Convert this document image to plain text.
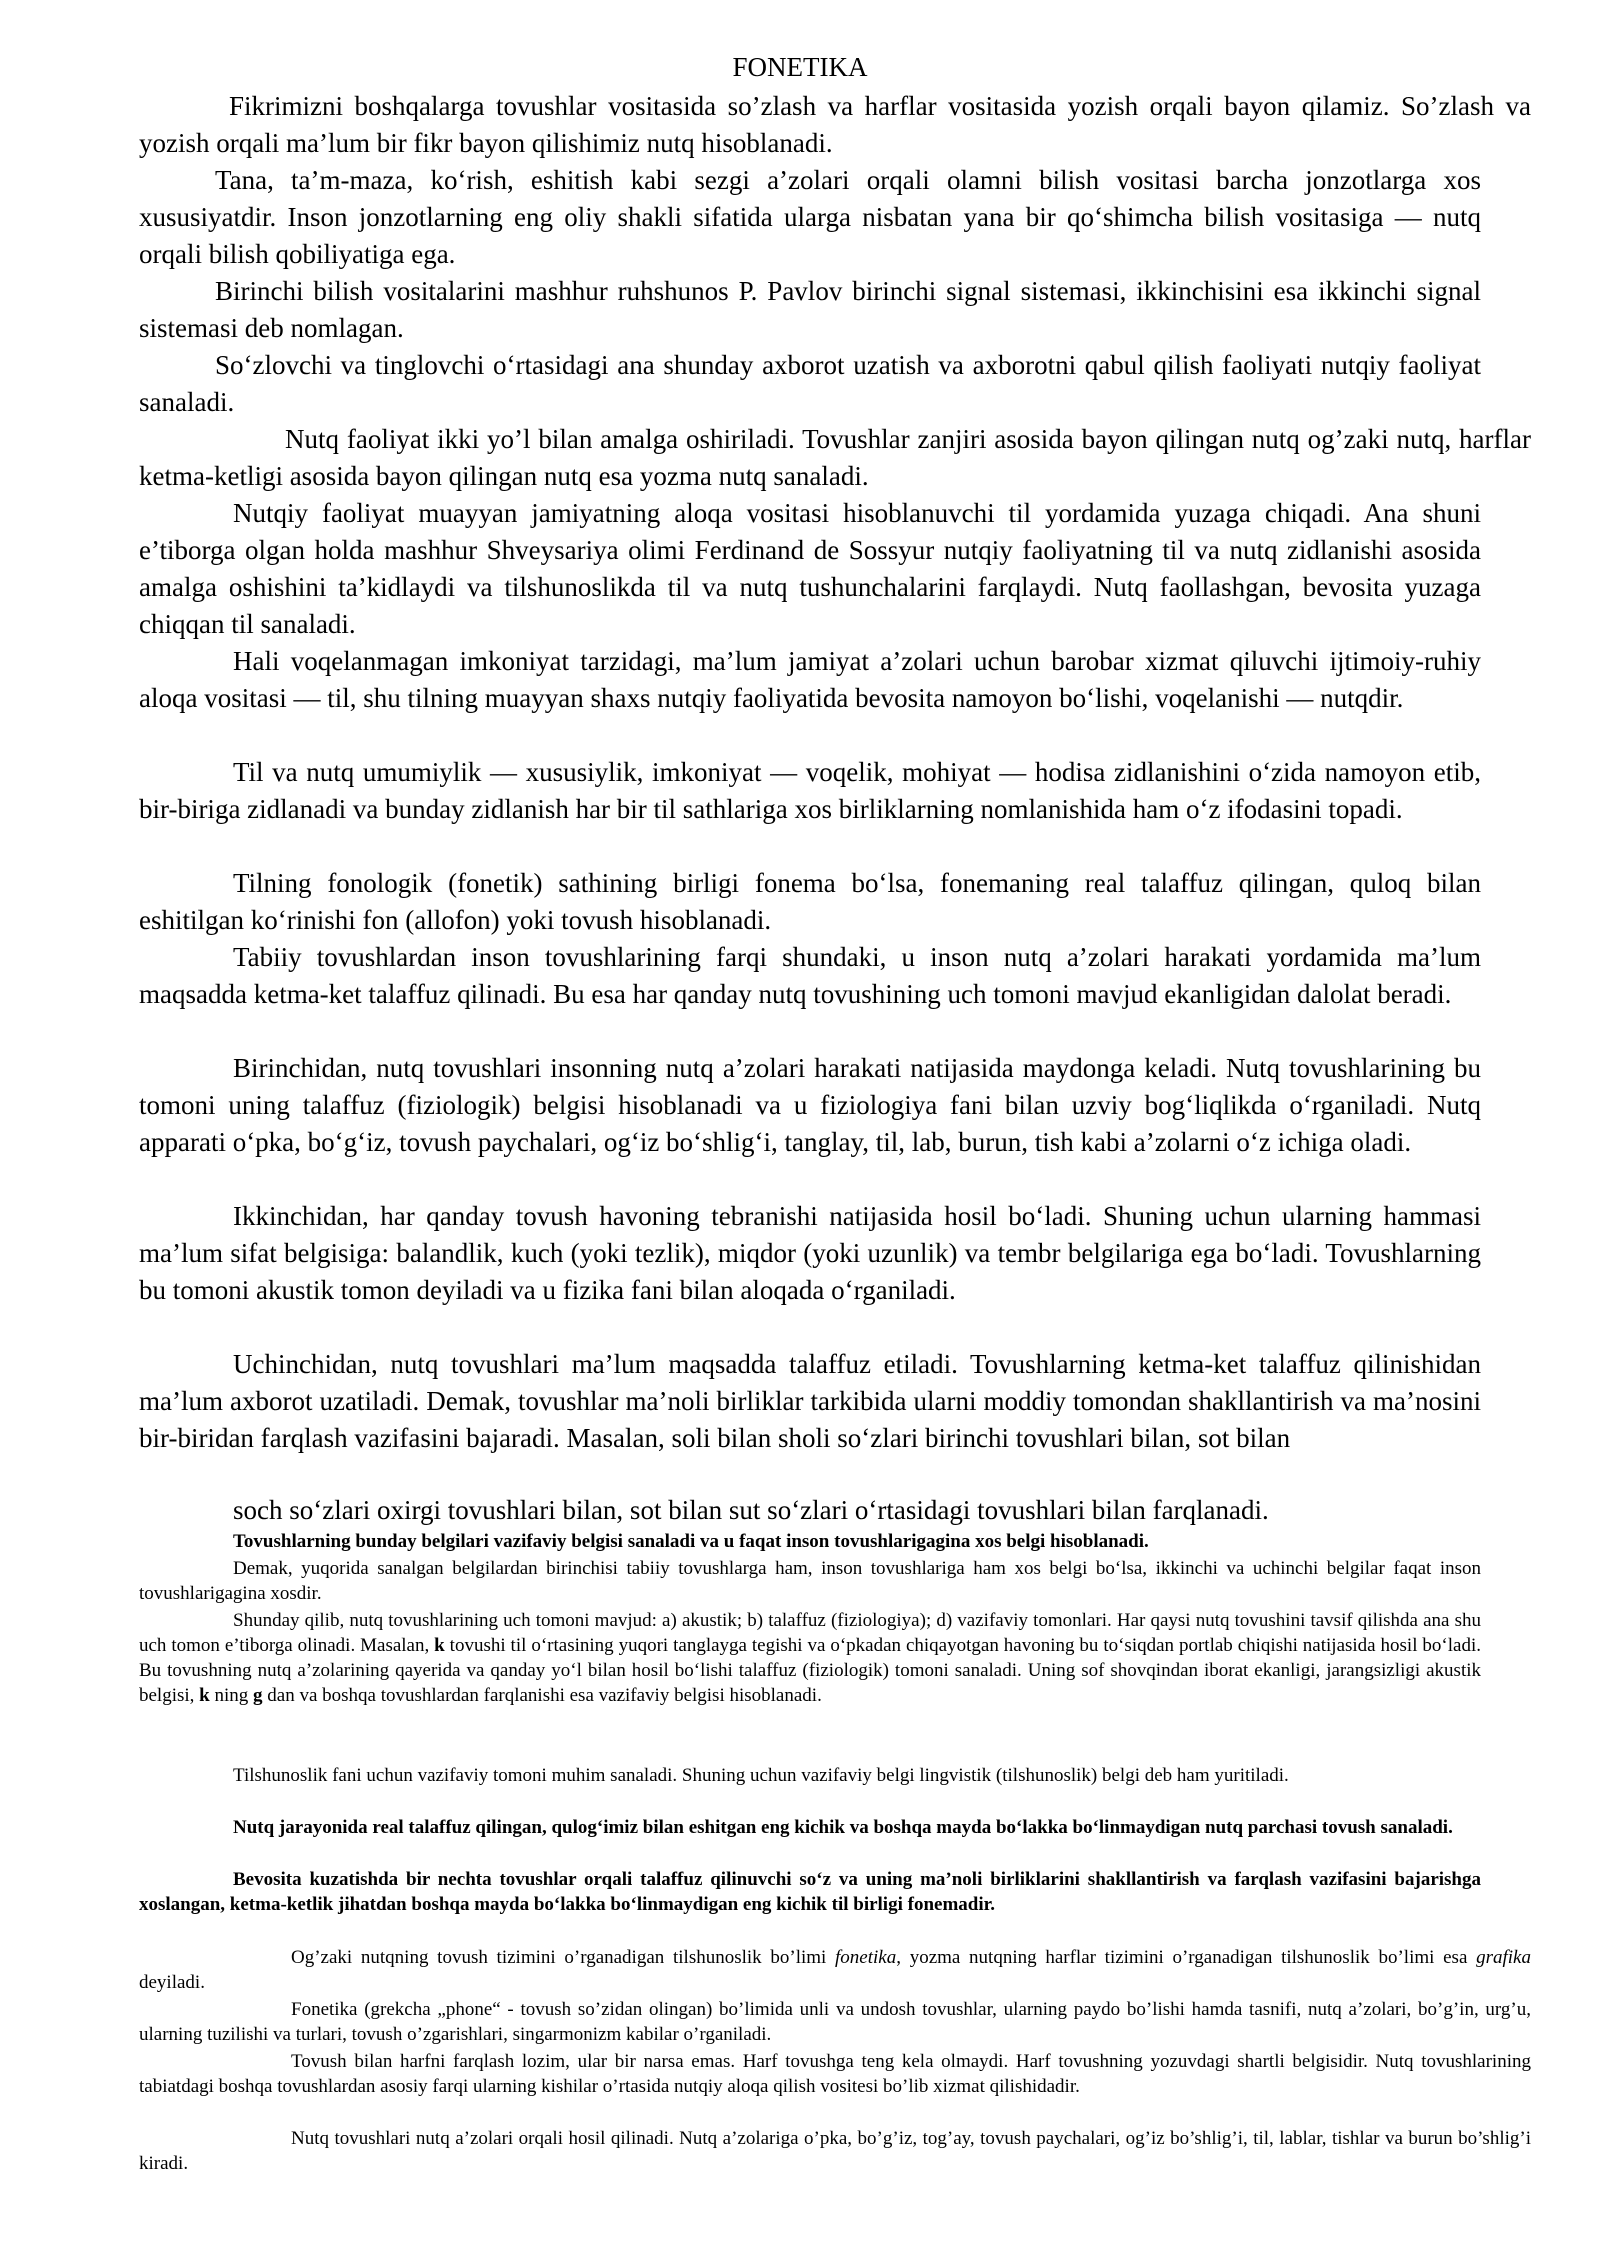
FONETIKA

Fikrimizni boshqalarga tovushlar vositasida so’zlash va harflar vositasida yozish orqali bayon qilamiz. So’zlash va yozish orqali ma’lum bir fikr bayon qilishimiz nutq hisoblanadi.

Tana, ta’m-maza, ko‘rish, eshitish kabi sezgi a’zolari orqali olamni bilish vositasi barcha jonzotlarga xos xususiyatdir. Inson jonzotlarning eng oliy shakli sifatida ularga nisbatan yana bir qo‘shimcha bilish vositasiga — nutq orqali bilish qobiliyatiga ega.

Birinchi bilish vositalarini mashhur ruhshunos P. Pavlov birinchi signal sistemasi, ikkinchisini esa ikkinchi signal sistemasi deb nomlagan.

So‘zlovchi va tinglovchi o‘rtasidagi ana shunday axborot uzatish va axborotni qabul qilish faoliyati nutqiy faoliyat sanaladi.

Nutq faoliyat ikki yo’l bilan amalga oshiriladi. Tovushlar zanjiri asosida bayon qilingan nutq og’zaki nutq, harflar ketma-ketligi asosida bayon qilingan nutq esa yozma nutq sanaladi.

Nutqiy faoliyat muayyan jamiyatning aloqa vositasi hisoblanuvchi til yordamida yuzaga chiqadi. Ana shuni e’tiborga olgan holda mashhur Shveysariya olimi Ferdinand de Sossyur nutqiy faoliyatning til va nutq zidlanishi asosida amalga oshishini ta’kidlaydi va tilshunoslikda til va nutq tushunchalarini farqlaydi. Nutq faollashgan, bevosita yuzaga chiqqan til sanaladi.

Hali voqelanmagan imkoniyat tarzidagi, ma’lum jamiyat a’zolari uchun barobar xizmat qiluvchi ijtimoiy-ruhiy aloqa vositasi — til, shu tilning muayyan shaxs nutqiy faoliyatida bevosita namoyon bo‘lishi, voqelanishi — nutqdir.

Til va nutq umumiylik — xususiylik, imkoniyat — voqelik, mohiyat — hodisa zidlanishini o‘zida namoyon etib, bir-biriga zidlanadi va bunday zidlanish har bir til sathlariga xos birliklarning nomlanishida ham o‘z ifodasini topadi.

Tilning fonologik (fonetik) sathining birligi fonema bo‘lsa, fonemaning real talaffuz qilingan, quloq bilan eshitilgan ko‘rinishi fon (allofon) yoki tovush hisoblanadi.

Tabiiy tovushlardan inson tovushlarining farqi shundaki, u inson nutq a’zolari harakati yordamida ma’lum maqsadda ketma-ket talaffuz qilinadi. Bu esa har qanday nutq tovushining uch tomoni mavjud ekanligidan dalolat beradi.

Birinchidan, nutq tovushlari insonning nutq a’zolari harakati natijasida maydonga keladi. Nutq tovushlarining bu tomoni uning talaffuz (fiziologik) belgisi hisoblanadi va u fiziologiya fani bilan uzviy bog‘liqlikda o‘rganiladi. Nutq apparati o‘pka, bo‘g‘iz, tovush paychalari, og‘iz bo‘shlig‘i, tanglay, til, lab, burun, tish kabi a’zolarni o‘z ichiga oladi.

Ikkinchidan, har qanday tovush havoning tebranishi natijasida hosil bo‘ladi. Shuning uchun ularning hammasi ma’lum sifat belgisiga: balandlik, kuch (yoki tezlik), miqdor (yoki uzunlik) va tembr belgilariga ega bo‘ladi. Tovushlarning bu tomoni akustik tomon deyiladi va u fizika fani bilan aloqada o‘rganiladi.

Uchinchidan, nutq tovushlari ma’lum maqsadda talaffuz etiladi. Tovushlarning ketma-ket talaffuz qilinishidan ma’lum axborot uzatiladi. Demak, tovushlar ma’noli birliklar tarkibida ularni moddiy tomondan shakllantirish va ma’nosini bir-biridan farqlash vazifasini bajaradi. Masalan, soli bilan sholi so‘zlari birinchi tovushlari bilan, sot bilan

soch so‘zlari oxirgi tovushlari bilan, sot bilan sut so‘zlari o‘rtasidagi tovushlari bilan farqlanadi.

Tovushlarning bunday belgilari vazifaviy belgisi sanaladi va u faqat inson tovushlarigagina xos belgi hisoblanadi.

Demak, yuqorida sanalgan belgilardan birinchisi tabiiy tovushlarga ham, inson tovushlariga ham xos belgi bo‘lsa, ikkinchi va uchinchi belgilar faqat inson tovushlarigagina xosdir.

Shunday qilib, nutq tovushlarining uch tomoni mavjud: a) akustik; b) talaffuz (fiziologiya); d) vazifaviy tomonlari. Har qaysi nutq tovushini tavsif qilishda ana shu uch tomon e’tiborga olinadi. Masalan, k tovushi til o‘rtasining yuqori tanglayga tegishi va o‘pkadan chiqayotgan havoning bu to‘siqdan portlab chiqishi natijasida hosil bo‘ladi. Bu tovushning nutq a’zolarining qayerida va qanday yo‘l bilan hosil bo‘lishi talaffuz (fiziologik) tomoni sanaladi. Uning sof shovqindan iborat ekanligi, jarangsizligi akustik belgisi, k ning g dan va boshqa tovushlardan farqlanishi esa vazifaviy belgisi hisoblanadi.

Tilshunoslik fani uchun vazifaviy tomoni muhim sanaladi. Shuning uchun vazifaviy belgi lingvistik (tilshunoslik) belgi deb ham yuritiladi.

Nutq jarayonida real talaffuz qilingan, qulog‘imiz bilan eshitgan eng kichik va boshqa mayda bo‘lakka bo‘linmaydigan nutq parchasi tovush sanaladi.

Bevosita kuzatishda bir nechta tovushlar orqali talaffuz qilinuvchi so‘z va uning ma’noli birliklarini shakllantirish va farqlash vazifasini bajarishga xoslangan, ketma-ketlik jihatdan boshqa mayda bo‘lakka bo‘linmaydigan eng kichik til birligi fonemadir.

Og’zaki nutqning tovush tizimini o’rganadigan tilshunoslik bo’limi fonetika, yozma nutqning harflar tizimini o’rganadigan tilshunoslik bo’limi esa grafika deyiladi.

Fonetika (grekcha „phone“ - tovush so’zidan olingan) bo’limida unli va undosh tovushlar, ularning paydo bo’lishi hamda tasnifi, nutq a’zolari, bo’g’in, urg’u, ularning tuzilishi va turlari, tovush o’zgarishlari, singarmonizm kabilar o’rganiladi.

Tovush bilan harfni farqlash lozim, ular bir narsa emas. Harf tovushga teng kela olmaydi. Harf tovushning yozuvdagi shartli belgisidir. Nutq tovushlarining tabiatdagi boshqa tovushlardan asosiy farqi ularning kishilar o’rtasida nutqiy aloqa qilish vositesi bo’lib xizmat qilishidadir.

Nutq tovushlari nutq a’zolari orqali hosil qilinadi. Nutq a’zolariga o’pka, bo’g’iz, tog’ay, tovush paychalari, og’iz bo’shlig’i, til, lablar, tishlar va burun bo’shlig’i kiradi.
